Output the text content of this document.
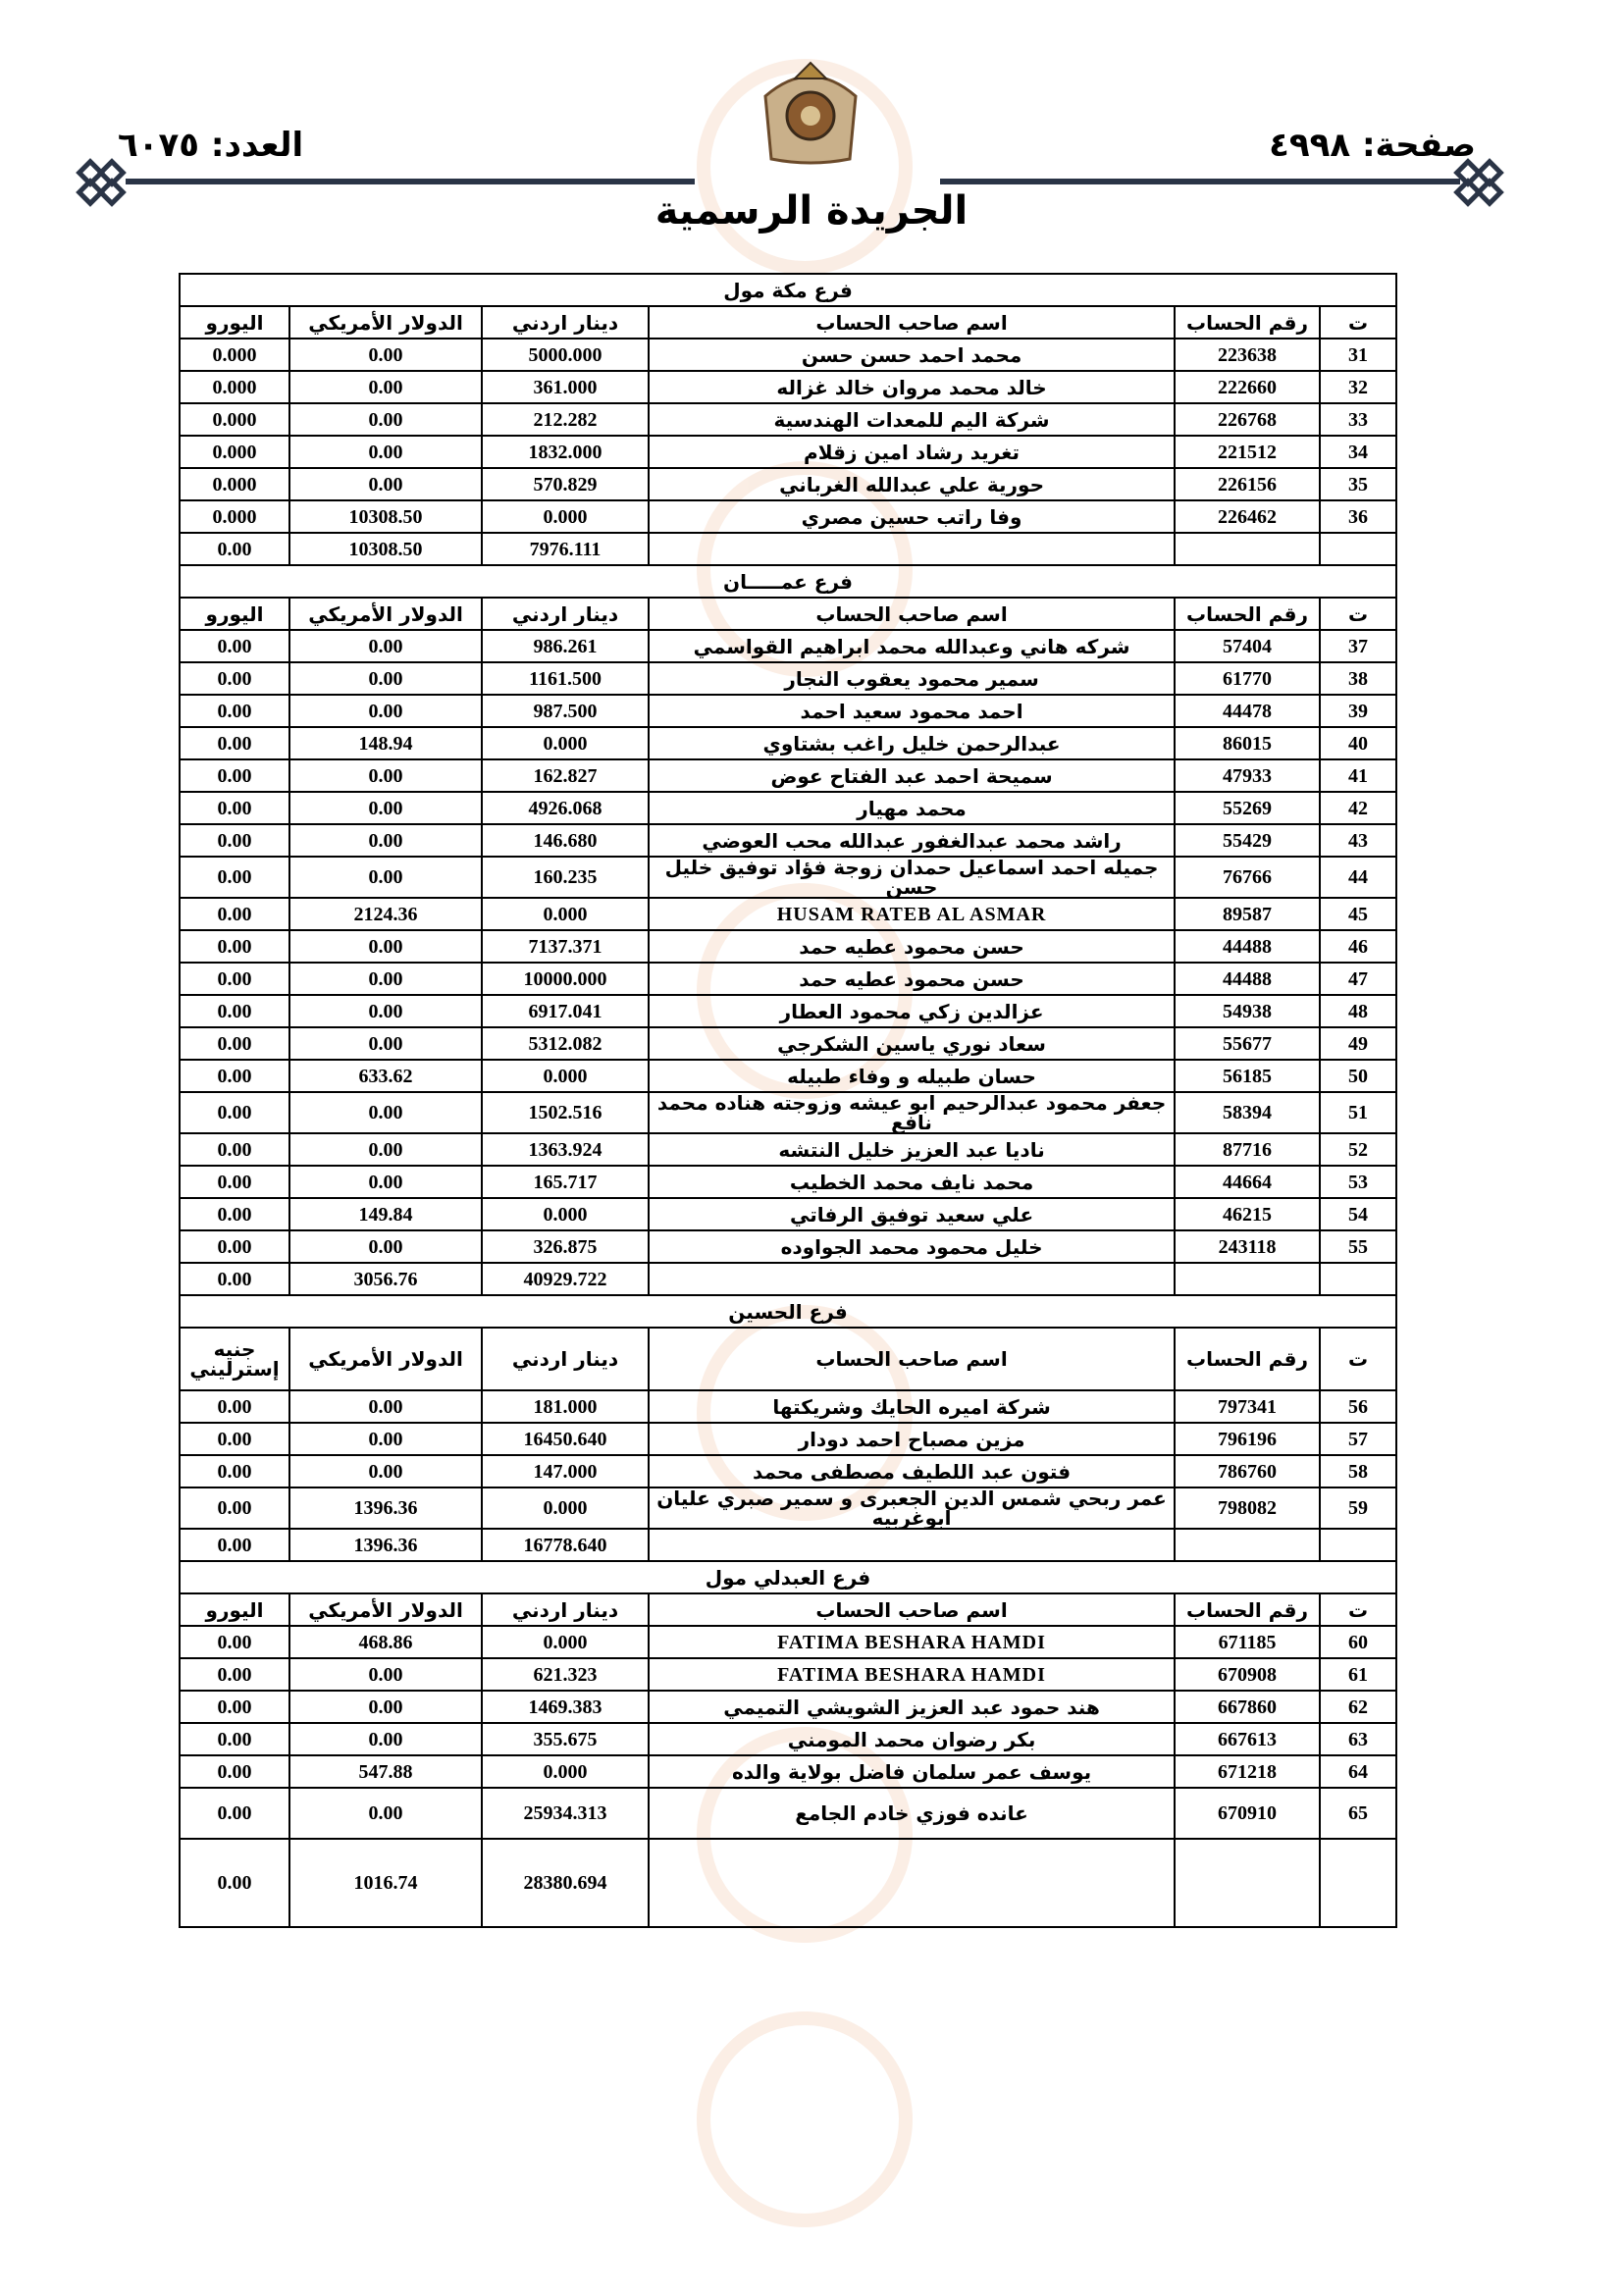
صفحة: ٤٩٩٨
العدد: ٦٠٧٥
الجريدة الرسمية
فرع مكة مول					
ت	رقم الحساب	اسم صاحب الحساب	دينار اردني	الدولار الأمريكي	اليورو
31	223638	محمد احمد حسن حسن	5000.000	0.00	0.000
32	222660	خالد محمد مروان خالد غزاله	361.000	0.00	0.000
33	226768	شركة اليم للمعدات الهندسية	212.282	0.00	0.000
34	221512	تغريد رشاد امين زقلام	1832.000	0.00	0.000
35	226156	حورية علي عبدالله الغرباني	570.829	0.00	0.000
36	226462	وفا راتب حسين مصري	0.000	10308.50	0.000
			7976.111	10308.50	0.00
فرع عمـــــان					
ت	رقم الحساب	اسم صاحب الحساب	دينار اردني	الدولار الأمريكي	اليورو
37	57404	شركه هاني وعبدالله محمد ابراهيم القواسمي	986.261	0.00	0.00
38	61770	سمير محمود يعقوب النجار	1161.500	0.00	0.00
39	44478	احمد محمود سعيد احمد	987.500	0.00	0.00
40	86015	عبدالرحمن خليل راغب بشتاوي	0.000	148.94	0.00
41	47933	سميحة احمد عبد الفتاح عوض	162.827	0.00	0.00
42	55269	محمد مهيار	4926.068	0.00	0.00
43	55429	راشد محمد عبدالغفور عبدالله محب العوضي	146.680	0.00	0.00
44	76766	جميله احمد اسماعيل حمدان زوجة فؤاد توفيق خليل حسن	160.235	0.00	0.00
45	89587	HUSAM RATEB AL ASMAR	0.000	2124.36	0.00
46	44488	حسن محمود عطيه حمد	7137.371	0.00	0.00
47	44488	حسن محمود عطيه حمد	10000.000	0.00	0.00
48	54938	عزالدين زكي محمود العطار	6917.041	0.00	0.00
49	55677	سعاد نوري ياسين الشكرجي	5312.082	0.00	0.00
50	56185	حسان طبيله و وفاء طبيله	0.000	633.62	0.00
51	58394	جعفر محمود عبدالرحيم ابو عيشه وزوجته هناده محمد نافع	1502.516	0.00	0.00
52	87716	ناديا عبد العزيز خليل النتشه	1363.924	0.00	0.00
53	44664	محمد نايف محمد الخطيب	165.717	0.00	0.00
54	46215	علي سعيد توفيق الرفاتي	0.000	149.84	0.00
55	243118	خليل محمود محمد الجواوده	326.875	0.00	0.00
			40929.722	3056.76	0.00
فرع الحسين					
ت	رقم الحساب	اسم صاحب الحساب	دينار اردني	الدولار الأمريكي	جنيه إسترليني
56	797341	شركة اميره الحايك وشريكتها	181.000	0.00	0.00
57	796196	مزين مصباح احمد دودار	16450.640	0.00	0.00
58	786760	فتون عبد اللطيف مصطفى محمد	147.000	0.00	0.00
59	798082	عمر ربحي شمس الدين الجعبرى و سمير صبري عليان ابوغربيه	0.000	1396.36	0.00
			16778.640	1396.36	0.00
فرع العبدلي مول					
ت	رقم الحساب	اسم صاحب الحساب	دينار اردني	الدولار الأمريكي	اليورو
60	671185	FATIMA BESHARA HAMDI	0.000	468.86	0.00
61	670908	FATIMA BESHARA HAMDI	621.323	0.00	0.00
62	667860	هند حمود عبد العزيز الشويشي التميمي	1469.383	0.00	0.00
63	667613	بكر رضوان محمد المومني	355.675	0.00	0.00
64	671218	يوسف عمر سلمان فاضل بولاية والده	0.000	547.88	0.00
65	670910	عانده فوزي خادم الجامع	25934.313	0.00	0.00
			28380.694	1016.74	0.00
